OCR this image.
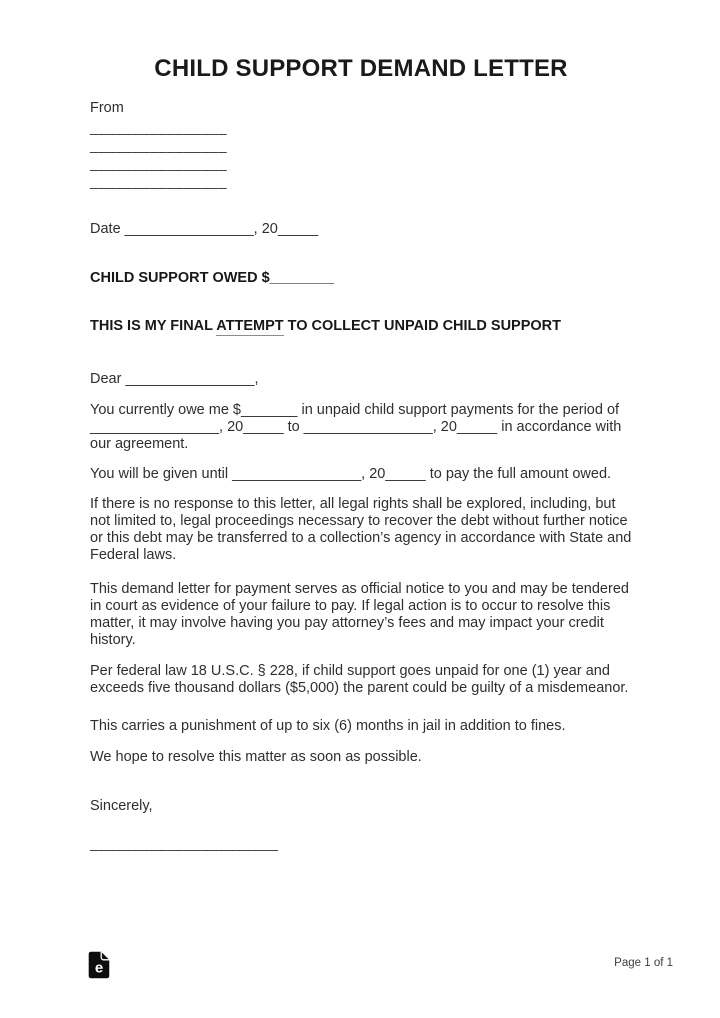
CHILD SUPPORT DEMAND LETTER
From
________________
________________
________________
________________
Date ________________, 20_____
CHILD SUPPORT OWED $________
THIS IS MY FINAL ATTEMPT TO COLLECT UNPAID CHILD SUPPORT
Dear ________________,

You currently owe me $_______ in unpaid child support payments for the period of ________________, 20_____ to ________________, 20_____ in accordance with our agreement.

You will be given until ________________, 20_____ to pay the full amount owed.

If there is no response to this letter, all legal rights shall be explored, including, but not limited to, legal proceedings necessary to recover the debt without further notice or this debt may be transferred to a collection’s agency in accordance with State and Federal laws.

This demand letter for payment serves as official notice to you and may be tendered in court as evidence of your failure to pay. If legal action is to occur to resolve this matter, it may involve having you pay attorney’s fees and may impact your credit history.

Per federal law 18 U.S.C. § 228, if child support goes unpaid for one (1) year and exceeds five thousand dollars ($5,000) the parent could be guilty of a misdemeanor.

This carries a punishment of up to six (6) months in jail in addition to fines.

We hope to resolve this matter as soon as possible.

Sincerely,
______________________
e	Page 1 of 1
